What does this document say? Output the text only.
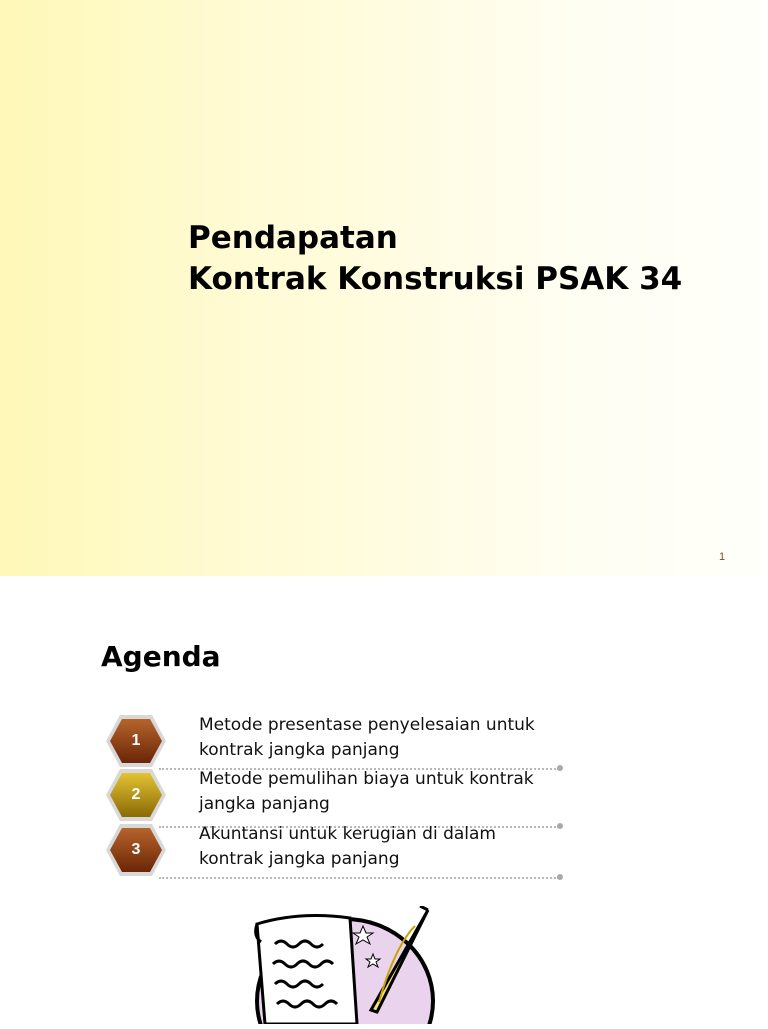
Pendapatan
Kontrak Konstruksi PSAK 34
1
Agenda
1
Metode presentase penyelesaian untuk
kontrak jangka panjang
2
Metode pemulihan biaya untuk kontrak
jangka panjang
3
Akuntansi untuk kerugian di dalam
kontrak jangka panjang
